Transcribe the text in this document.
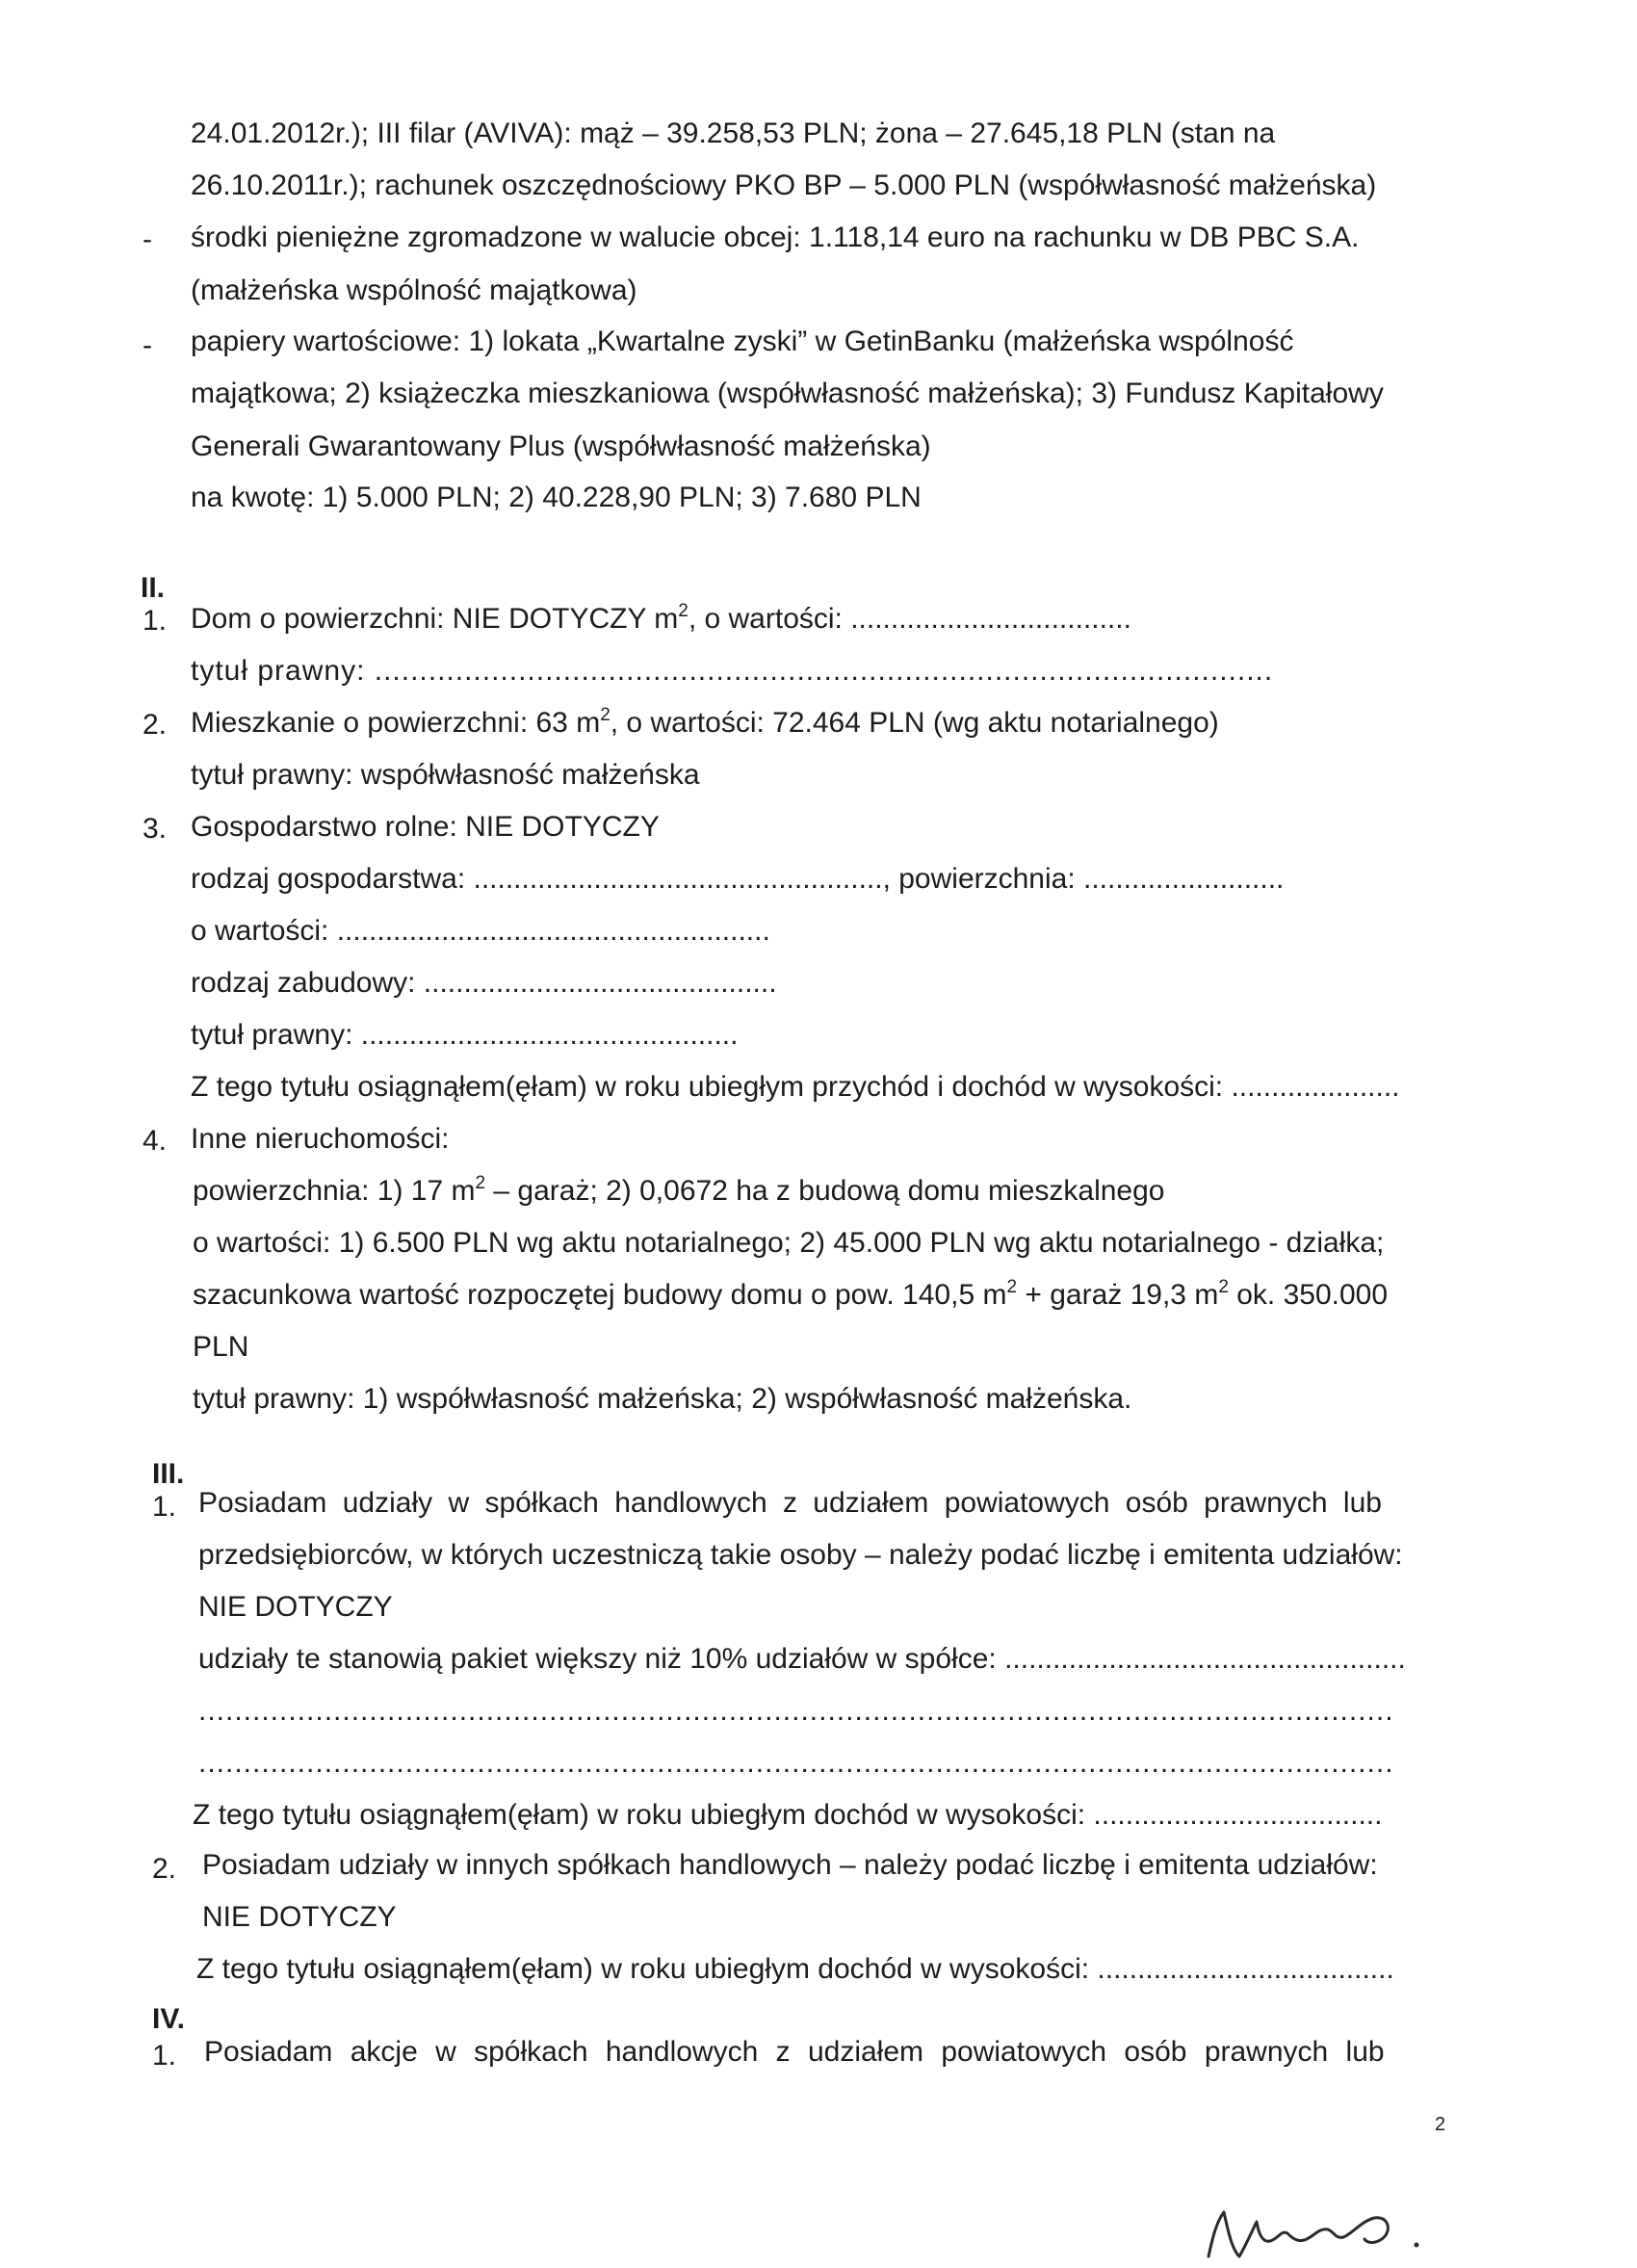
24.01.2012r.); III filar (AVIVA): mąż – 39.258,53 PLN; żona – 27.645,18 PLN (stan na
26.10.2011r.); rachunek oszczędnościowy PKO BP – 5.000 PLN (współwłasność małżeńska)
- środki pieniężne zgromadzone w walucie obcej: 1.118,14 euro na rachunku w DB PBC S.A.
(małżeńska wspólność majątkowa)
- papiery wartościowe: 1) lokata „Kwartalne zyski” w GetinBanku (małżeńska wspólność
majątkowa; 2) książeczka mieszkaniowa (współwłasność małżeńska); 3) Fundusz Kapitałowy
Generali Gwarantowany Plus (współwłasność małżeńska)
na kwotę: 1) 5.000 PLN; 2) 40.228,90 PLN; 3) 7.680 PLN
II.
1. Dom o powierzchni: NIE DOTYCZY $m^2$, o wartości: ...................................
tytuł prawny: ....................................................................................................
2. Mieszkanie o powierzchni: 63 $m^2$, o wartości: 72.464 PLN (wg aktu notarialnego)
tytuł prawny: współwłasność małżeńska
3. Gospodarstwo rolne: NIE DOTYCZY
rodzaj gospodarstwa: ..................................................., powierzchnia: .........................
o wartości: ......................................................
rodzaj zabudowy: ............................................
tytuł prawny: ...............................................
Z tego tytułu osiągnąłem(ęłam) w roku ubiegłym przychód i dochód w wysokości: .....................
4. Inne nieruchomości:
powierzchnia: 1) 17 $m^2$ – garaż; 2) 0,0672 ha z budową domu mieszkalnego
o wartości: 1) 6.500 PLN wg aktu notarialnego; 2) 45.000 PLN wg aktu notarialnego - działka;
szacunkowa wartość rozpoczętej budowy domu o pow. 140,5 $m^2$ + garaż 19,3 $m^2$ ok. 350.000
PLN
tytuł prawny: 1) współwłasność małżeńska; 2) współwłasność małżeńska.
III.
1. Posiadam udziały w spółkach handlowych z udziałem powiatowych osób prawnych lub
przedsiębiorców, w których uczestniczą takie osoby – należy podać liczbę i emitenta udziałów:
NIE DOTYCZY
udziały te stanowią pakiet większy niż 10% udziałów w spółce: ..................................................
.....................................................................................................................................
.....................................................................................................................................
Z tego tytułu osiągnąłem(ęłam) w roku ubiegłym dochód w wysokości: ....................................
2. Posiadam udziały w innych spółkach handlowych – należy podać liczbę i emitenta udziałów:
NIE DOTYCZY
Z tego tytułu osiągnąłem(ęłam) w roku ubiegłym dochód w wysokości: .....................................
IV.
1. Posiadam akcje w spółkach handlowych z udziałem powiatowych osób prawnych lub
2
